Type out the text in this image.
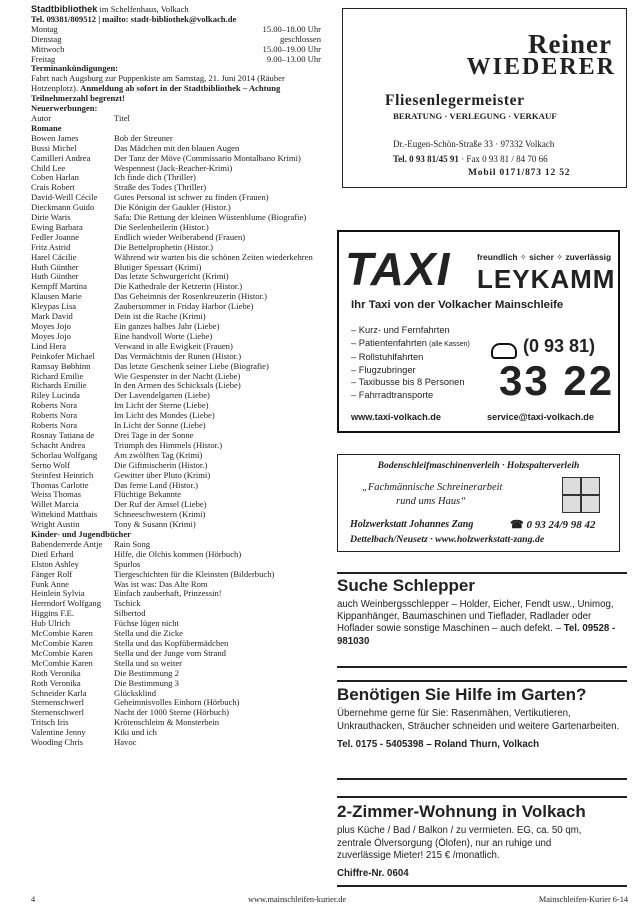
Stadtbibliothek im Schelfenhaus, Volkach
Tel. 09381/809512 | mailto: stadt-bibliothek@volkach.de
Montag	15.00–18.00 Uhr
Dienstag	geschlossen
Mittwoch	15.00–19.00 Uhr
Freitag	9.00–13.00 Uhr
Terminankündigungen:
Fahrt nach Augsburg zur Puppenkiste am Samstag, 21. Juni 2014 (Räuber Hotzenplotz). Anmeldung ab sofort in der Stadtbibliothek – Achtung Teilnehmerzahl begrenzt!
Neuerwerbungen:
Autor	Titel
Romane
Bowen James	Bob der Streuner
Bussi Michel	Das Mädchen mit den blauen Augen
Camilleri Andrea	Der Tanz der Möve (Commissario Montalbano Krimi)
Child Lee	Wespennest (Jack-Reacher-Krimi)
Coben Harlan	Ich finde dich (Thriller)
Crais Robert	Straße des Todes (Thriller)
David-Weill Cécile	Gutes Personal ist schwer zu finden (Frauen)
Dieckmann Guido	Die Königin der Gaukler (Histor.)
Dirie Waris	Safa: Die Rettung der kleinen Wüstenblume (Biografie)
Ewing Barbara	Die Seelenheilerin (Histor.)
Fedler Joanne	Endlich wieder Weiberabend (Frauen)
Fritz Astrid	Die Bettelprophetin (Histor.)
Harel Cäcilie	Während wir warten bis die schönen Zeiten wiederkehren
Huth Günther	Blutiger Spessart (Krimi)
Huth Günther	Das letzte Schwurgericht (Krimi)
Kempff Martina	Die Kathedrale der Ketzerin (Histor.)
Klausen Marie	Das Geheimnis der Rosenkreuzerin (Histor.)
Kleypas Lisa	Zaubersommer in Friday Harbor (Liebe)
Mark David	Dein ist die Rache (Krimi)
Moyes Jojo	Ein ganzes halbes Jahr (Liebe)
Moyes Jojo	Eine handvoll Worte (Liebe)
Lind Hera	Verwand in alle Ewigkeit (Frauen)
Peinkofer Michael	Das Vermächtnis der Runen (Histor.)
Ramsay Bøbhinn	Das letzte Geschenk seiner Liebe (Biografie)
Richard Emilie	Wie Gespenster in der Nacht (Liebe)
Richards Emilie	In den Armen des Schicksals (Liebe)
Riley Lucinda	Der Lavendelgarten (Liebe)
Roberts Nora	Im Licht der Sterne (Liebe)
Roberts Nora	Im Licht des Mondes (Liebe)
Roberts Nora	In Licht der Sonne (Liebe)
Rosnay Tatiana de	Drei Tage in der Sonne
Schacht Andrea	Triumph des Himmels (Histor.)
Schorlau Wolfgang	Am zwölften Tag (Krimi)
Serno Wolf	Die Giftmischerin (Histor.)
Steinfest Heinrich	Gewitter über Pluto (Krimi)
Thomas Carlotte	Das ferne Land (Histor.)
Weiss Thomas	Flüchtige Bekannte
Willet Marcia	Der Ruf der Amsel (Liebe)
Wittekind Matthais	Schneeschwestern (Krimi)
Wright Austin	Tony & Susann (Krimi)
Kinder- und Jugendbücher
Babenderrerde Antje	Rain Song
Dietl Erhard	Hilfe, die Olchis kommen (Hörbuch)
Elston Ashley	Spurlos
Fänger Rolf	Tiergeschichten für die Kleinsten (Bilderbuch)
Funk Anne	Was ist was: Das Alte Rom
Heinlein Sylvia	Einfach zauberhaft, Prinzessin!
Herrndorf Wolfgang	Tschick
Higgins F.E.	Silbertod
Hub Ulrich	Füchse lügen nicht
McCombie Karen	Stella und die Zicke
McCombie Karen	Stella und das Kopfübermädchen
McCombie Karen	Stella und der Junge vom Strand
McCombie Karen	Stella und so weiter
Roth Veronika	Die Bestimmung 2
Roth Veronika	Die Bestimmung 3
Schneider Karla	Glücksklind
Sternenschwerl	Geheimnisvolles Einhorn (Hörbuch)
Sternenschwerl	Nacht der 1000 Sterne (Hörbuch)
Tritsch Iris	Krötenschleim & Monsterbein
Valentine Jenny	Kiki und ich
Wooding Chris	Havoc
Reiner
WIEDERER
Fliesenlegermeister
BERATUNG · VERLEGUNG · VERKAUF
Dr.-Eugen-Schön-Straße 33 · 97332 Volkach
Tel. 0 93 81/45 91 · Fax 0 93 81 / 84 70 66
Mobil 0171/873 12 52
TAXI	freundlich ✧ sicher ✧ zuverlässig
LEYKAMM
Ihr Taxi von der Volkacher Mainschleife
– Kurz- und Fernfahrten
– Patientenfahrten (alle Kassen)
– Rollstuhlfahrten
– Flugzubringer
– Taxibusse bis 8 Personen
– Fahrradtransporte
(0 93 81)
33 22
www.taxi-volkach.de	service@taxi-volkach.de
Bodenschleifmaschinenverleih · Holzspalterverleih
„Fachmännische Schreinerarbeit
rund ums Haus“
Holzwerkstatt Johannes Zang	☎ 0 93 24/9 98 42
Dettelbach/Neusetz · www.holzwerkstatt-zang.de
Suche Schlepper
auch Weinbergsschlepper – Holder, Eicher, Fendt usw., Unimog, Kippanhänger, Baumaschinen und Tieflader, Radlader oder Hoflader sowie sonstige Maschinen – auch defekt. – Tel. 09528 - 981030
Benötigen Sie Hilfe im Garten?
Übernehme gerne für Sie: Rasenmähen, Vertikutieren, Unkrauthacken, Sträucher schneiden und weitere Gartenarbeiten.
Tel. 0175 - 5405398 – Roland Thurn, Volkach
2-Zimmer-Wohnung in Volkach
plus Küche / Bad / Balkon / zu vermieten. EG, ca. 50 qm, zentrale Ölversorgung (Ölofen), nur an ruhige und zuverlässige Mieter! 215 € /monatlich.
Chiffre-Nr. 0604
4	www.mainschleifen-kurier.de	Mainschleifen-Kurier 6-14
